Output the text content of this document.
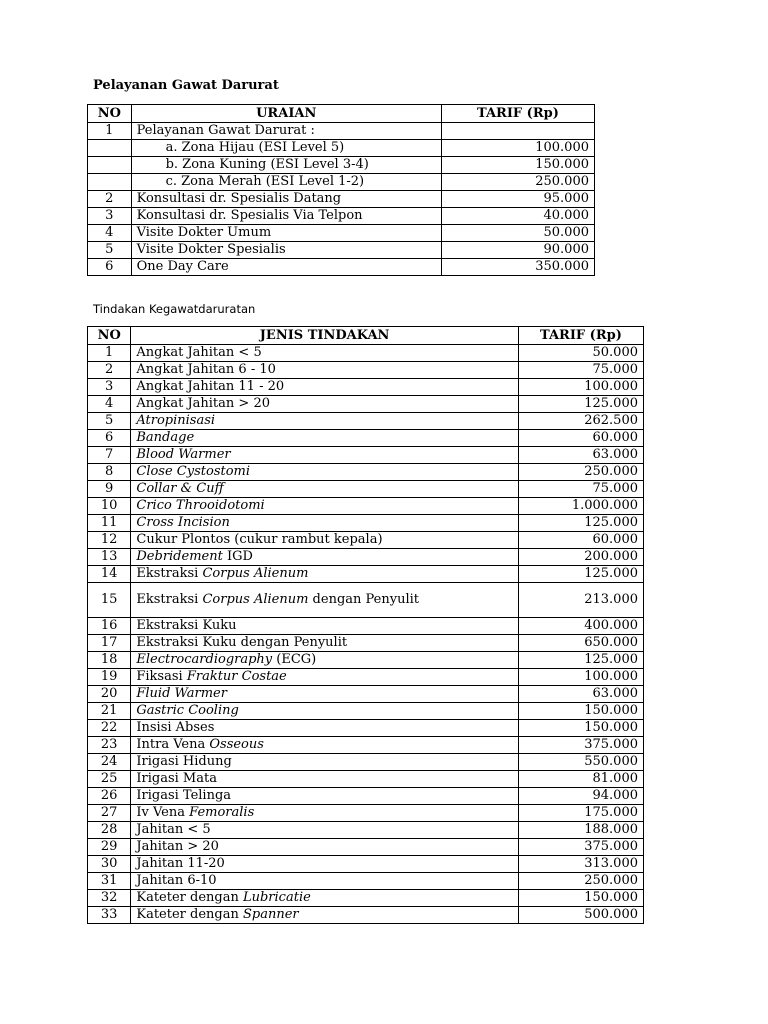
Pelayanan Gawat Darurat
NO	URAIAN	TARIF (Rp)
1	Pelayanan Gawat Darurat :	
	a. Zona Hijau (ESI Level 5)	100.000
	b. Zona Kuning (ESI Level 3-4)	150.000
	c. Zona Merah (ESI Level 1-2)	250.000
2	Konsultasi dr. Spesialis Datang	95.000
3	Konsultasi dr. Spesialis Via Telpon	40.000
4	Visite Dokter Umum	50.000
5	Visite Dokter Spesialis	90.000
6	One Day Care	350.000
Tindakan Kegawatdaruratan
NO	JENIS TINDAKAN	TARIF (Rp)
1	Angkat Jahitan < 5	50.000
2	Angkat Jahitan 6 - 10	75.000
3	Angkat Jahitan 11 - 20	100.000
4	Angkat Jahitan > 20	125.000
5	Atropinisasi	262.500
6	Bandage	60.000
7	Blood Warmer	63.000
8	Close Cystostomi	250.000
9	Collar & Cuff	75.000
10	Crico Throoidotomi	1.000.000
11	Cross Incision	125.000
12	Cukur Plontos (cukur rambut kepala)	60.000
13	Debridement IGD	200.000
14	Ekstraksi Corpus Alienum	125.000
15	Ekstraksi Corpus Alienum dengan Penyulit	213.000
16	Ekstraksi Kuku	400.000
17	Ekstraksi Kuku dengan Penyulit	650.000
18	Electrocardiography (ECG)	125.000
19	Fiksasi Fraktur Costae	100.000
20	Fluid Warmer	63.000
21	Gastric Cooling	150.000
22	Insisi Abses	150.000
23	Intra Vena Osseous	375.000
24	Irigasi Hidung	550.000
25	Irigasi Mata	81.000
26	Irigasi Telinga	94.000
27	Iv Vena Femoralis	175.000
28	Jahitan < 5	188.000
29	Jahitan > 20	375.000
30	Jahitan 11-20	313.000
31	Jahitan 6-10	250.000
32	Kateter dengan Lubricatie	150.000
33	Kateter dengan Spanner	500.000
